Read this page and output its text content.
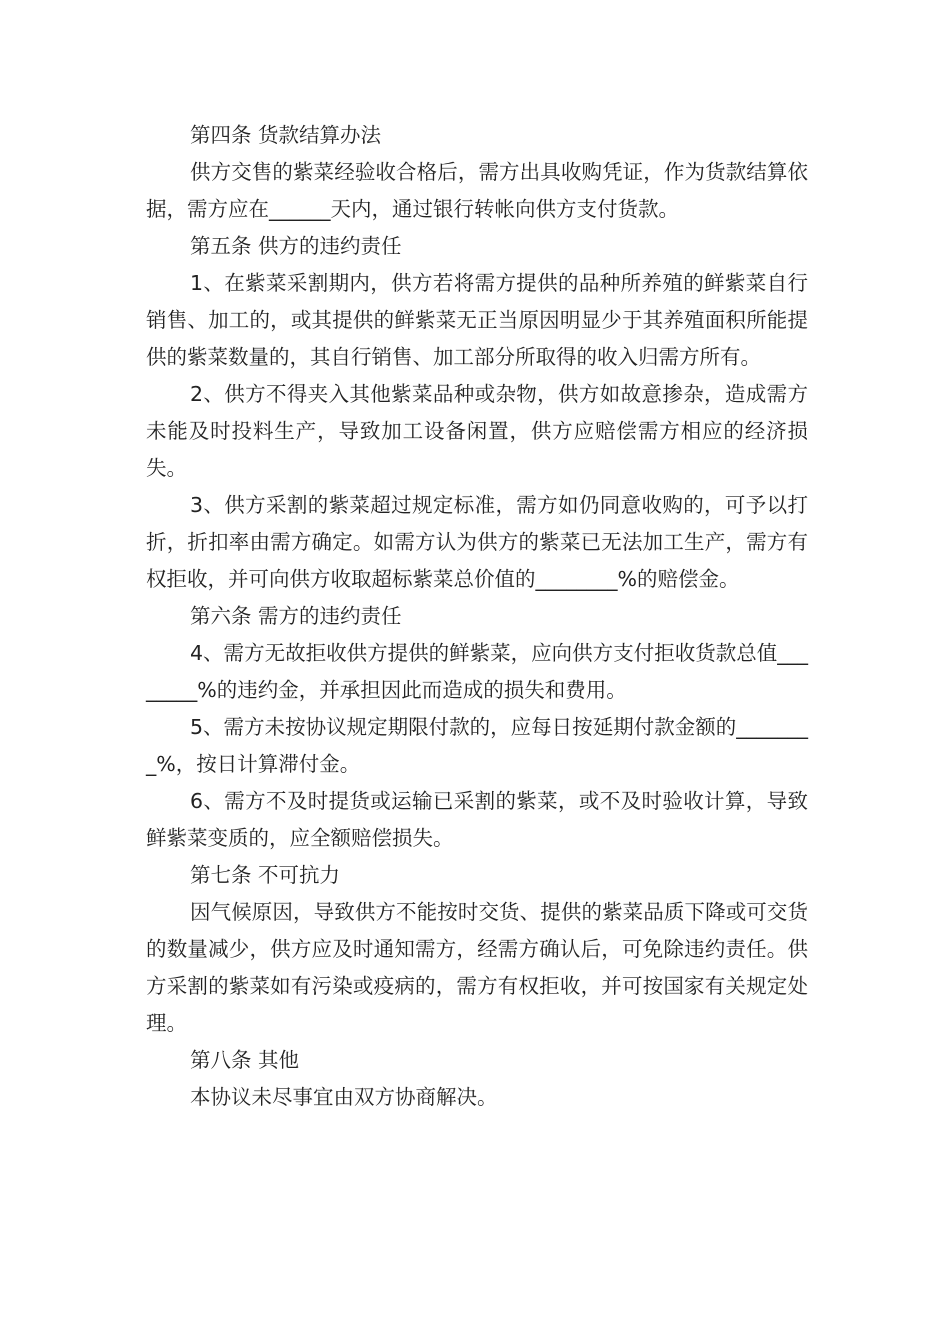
第四条 货款结算办法

供方交售的紫菜经验收合格后，需方出具收购凭证，作为货款结算依据，需方应在______天内，通过银行转帐向供方支付货款。

第五条 供方的违约责任

1、在紫菜采割期内，供方若将需方提供的品种所养殖的鲜紫菜自行销售、加工的，或其提供的鲜紫菜无正当原因明显少于其养殖面积所能提供的紫菜数量的，其自行销售、加工部分所取得的收入归需方所有。

2、供方不得夹入其他紫菜品种或杂物，供方如故意掺杂，造成需方未能及时投料生产，导致加工设备闲置，供方应赔偿需方相应的经济损失。

3、供方采割的紫菜超过规定标准，需方如仍同意收购的，可予以打折，折扣率由需方确定。如需方认为供方的紫菜已无法加工生产，需方有权拒收，并可向供方收取超标紫菜总价值的________%的赔偿金。

第六条 需方的违约责任

4、需方无故拒收供方提供的鲜紫菜，应向供方支付拒收货款总值________%的违约金，并承担因此而造成的损失和费用。

5、需方未按协议规定期限付款的，应每日按延期付款金额的________%，按日计算滞付金。

6、需方不及时提货或运输已采割的紫菜，或不及时验收计算，导致鲜紫菜变质的，应全额赔偿损失。

第七条 不可抗力

因气候原因，导致供方不能按时交货、提供的紫菜品质下降或可交货的数量减少，供方应及时通知需方，经需方确认后，可免除违约责任。供方采割的紫菜如有污染或疫病的，需方有权拒收，并可按国家有关规定处理。

第八条 其他

本协议未尽事宜由双方协商解决。
